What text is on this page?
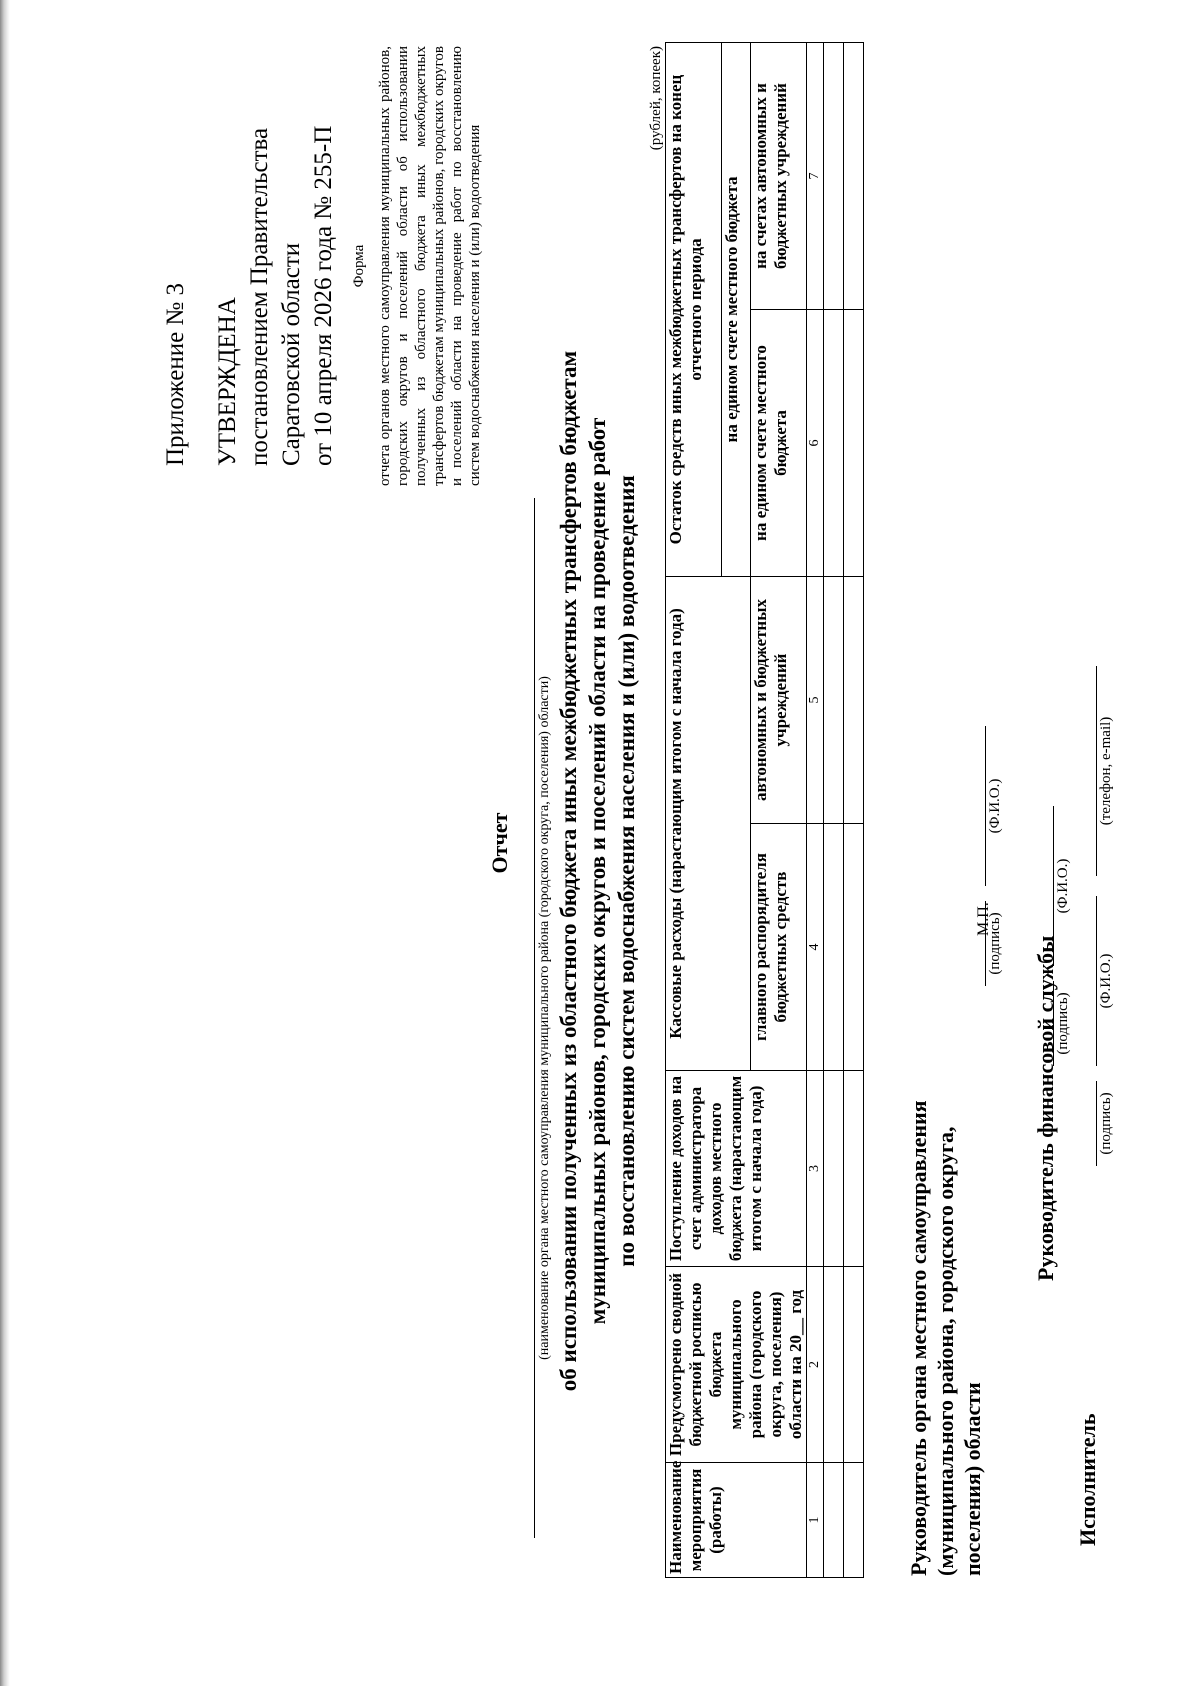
Приложение № 3 УТВЕРЖДЕНА постановлением Правительства Саратовской области от 10 апреля 2026 года № 255-П Форма отчета органов местного самоуправления муниципальных районов, городских округов и поселений области об использовании полученных из областного бюджета иных межбюджетных трансфертов бюджетам муниципальных районов, городских округов и поселений области на проведение работ по восстановлению систем водоснабжения населения и (или) водоотведения
Отчет (наименование органа местного самоуправления муниципального района (городского округа, поселения) области) об использовании полученных из областного бюджета иных межбюджетных трансфертов бюджетам муниципальных районов, городских округов и поселений области на проведение работ по восстановлению систем водоснабжения населения и (или) водоотведения
(рублей, копеек)
Наименование мероприятия (работы)	Предусмотрено сводной бюджетной росписью бюджета муниципального района (городского округа, поселения) области на 20__ год	Поступление доходов на счет администратора доходов местного бюджета (нарастающим итогом с начала года)	Кассовые расходы (нарастающим итогом с начала года)		Остаток средств иных межбюджетных трансфертов на конец отчетного периода	
					на едином счете местного бюджета	
			главного распорядителя бюджетных средств	автономных и бюджетных учреждений	на едином счете местного бюджета	на счетах автономных и бюджетных учреждений
1	2	3	4	5	6	7

Руководитель органа местного самоуправления (муниципального района, городского округа, поселения) области
М.П.
(подпись)
(Ф.И.О.)
Руководитель финансовой службы
(подпись)
(Ф.И.О.)
Исполнитель
(подпись)
(Ф.И.О.)
(телефон, e-mail)
